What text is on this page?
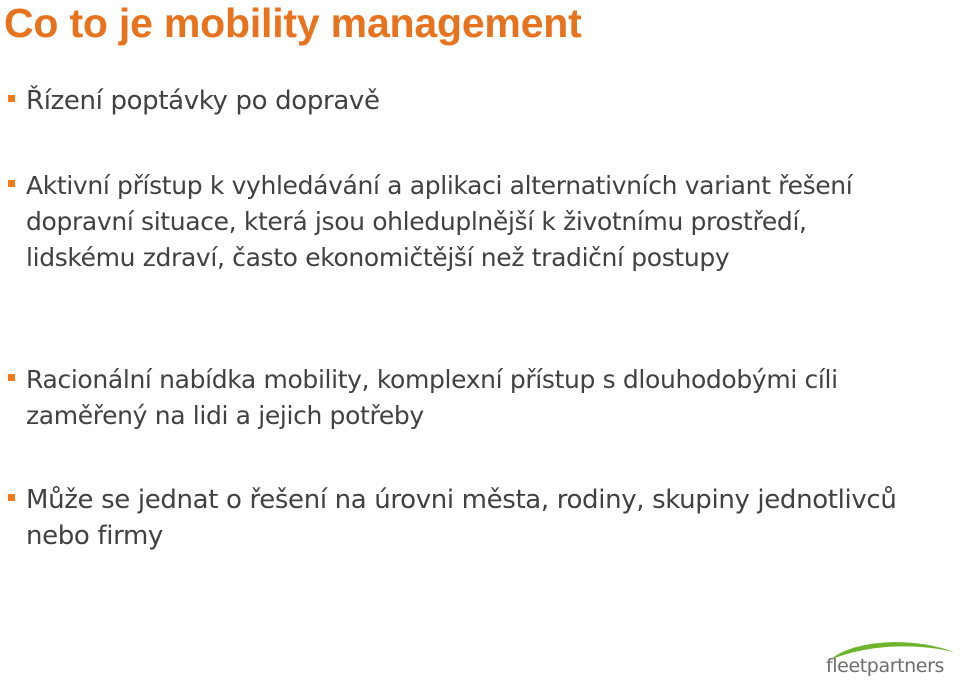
Co to je mobility management
Řízení poptávky po dopravě
Aktivní přístup k vyhledávání a aplikaci alternativních variant řešení dopravní situace, která jsou ohleduplnější k životnímu prostředí, lidskému zdraví, často ekonomičtější než tradiční postupy
Racionální nabídka mobility, komplexní přístup s dlouhodobými cíli zaměřený na lidi a jejich potřeby
Může se jednat o řešení na úrovni města, rodiny, skupiny jednotlivců nebo firmy
fleetpartners
